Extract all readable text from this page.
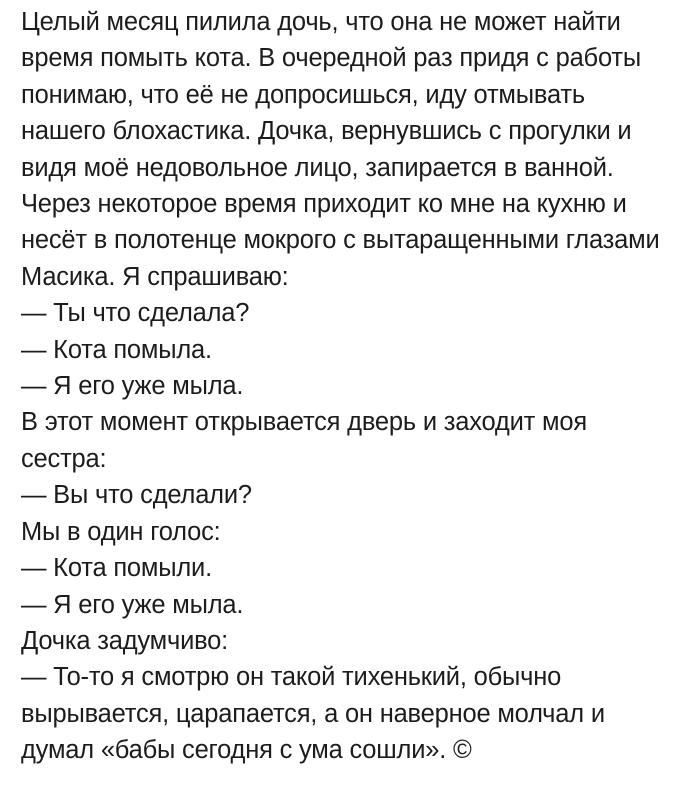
Целый месяц пилила дочь, что она не может найти время помыть кота. В очередной раз придя с работы понимаю, что её не допросишься, иду отмывать нашего блохастика. Дочка, вернувшись с прогулки и видя моё недовольное лицо, запирается в ванной. Через некоторое время приходит ко мне на кухню и несёт в полотенце мокрого с вытаращенными глазами Масика. Я спрашиваю:

— Ты что сделала?

— Кота помыла.

— Я его уже мыла.

В этот момент открывается дверь и заходит моя сестра:

— Вы что сделали?

Мы в один голос:

— Кота помыли.

— Я его уже мыла.

Дочка задумчиво:

— То-то я смотрю он такой тихенький, обычно вырывается, царапается, а он наверное молчал и думал «бабы сегодня с ума сошли». ©
